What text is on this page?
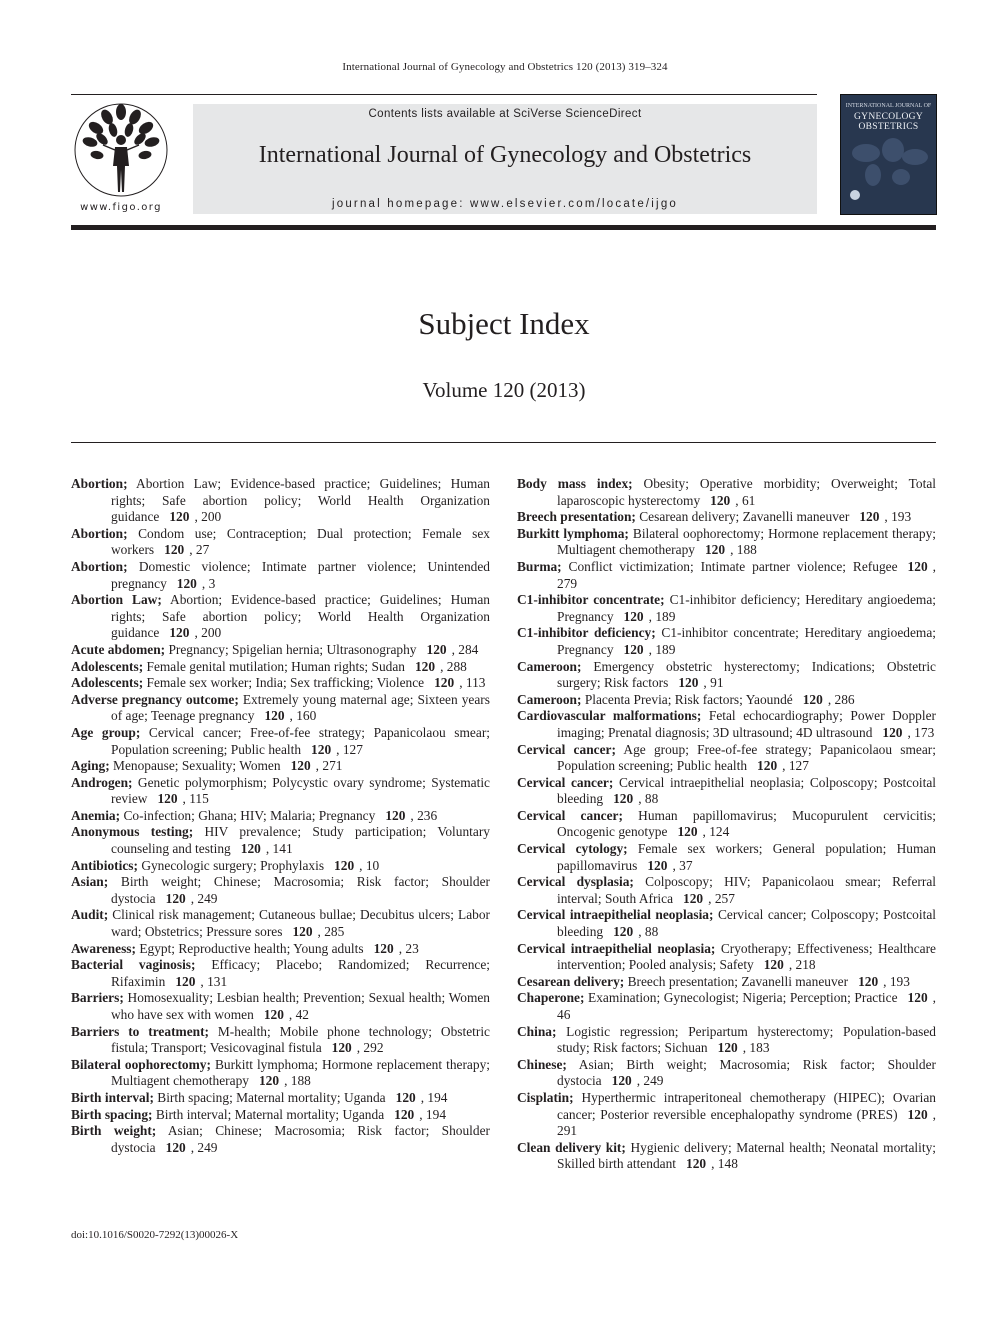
International Journal of Gynecology and Obstetrics 120 (2013) 319–324
www.figo.org
Contents lists available at SciVerse ScienceDirect
International Journal of Gynecology and Obstetrics
journal homepage: www.elsevier.com/locate/ijgo
INTERNATIONAL JOURNAL OF
GYNECOLOGY
OBSTETRICS
Subject Index
Volume 120 (2013)
Abortion; Abortion Law; Evidence-based practice; Guidelines; Human rights; Safe abortion policy; World Health Organization guidance 120 , 200
Abortion; Condom use; Contraception; Dual protection; Female sex workers 120 , 27
Abortion; Domestic violence; Intimate partner violence; Unintended pregnancy 120 , 3
Abortion Law; Abortion; Evidence-based practice; Guidelines; Human rights; Safe abortion policy; World Health Organization guidance 120 , 200
Acute abdomen; Pregnancy; Spigelian hernia; Ultrasonography 120 , 284
Adolescents; Female genital mutilation; Human rights; Sudan 120 , 288
Adolescents; Female sex worker; India; Sex trafficking; Violence 120 , 113
Adverse pregnancy outcome; Extremely young maternal age; Sixteen years of age; Teenage pregnancy 120 , 160
Age group; Cervical cancer; Free-of-fee strategy; Papanicolaou smear; Population screening; Public health 120 , 127
Aging; Menopause; Sexuality; Women 120 , 271
Androgen; Genetic polymorphism; Polycystic ovary syndrome; Systematic review 120 , 115
Anemia; Co-infection; Ghana; HIV; Malaria; Pregnancy 120 , 236
Anonymous testing; HIV prevalence; Study participation; Voluntary counseling and testing 120 , 141
Antibiotics; Gynecologic surgery; Prophylaxis 120 , 10
Asian; Birth weight; Chinese; Macrosomia; Risk factor; Shoulder dystocia 120 , 249
Audit; Clinical risk management; Cutaneous bullae; Decubitus ulcers; Labor ward; Obstetrics; Pressure sores 120 , 285
Awareness; Egypt; Reproductive health; Young adults 120 , 23
Bacterial vaginosis; Efficacy; Placebo; Randomized; Recurrence; Rifaximin 120 , 131
Barriers; Homosexuality; Lesbian health; Prevention; Sexual health; Women who have sex with women 120 , 42
Barriers to treatment; M-health; Mobile phone technology; Obstetric fistula; Transport; Vesicovaginal fistula 120 , 292
Bilateral oophorectomy; Burkitt lymphoma; Hormone replacement therapy; Multiagent chemotherapy 120 , 188
Birth interval; Birth spacing; Maternal mortality; Uganda 120 , 194
Birth spacing; Birth interval; Maternal mortality; Uganda 120 , 194
Birth weight; Asian; Chinese; Macrosomia; Risk factor; Shoulder dystocia 120 , 249
Body mass index; Obesity; Operative morbidity; Overweight; Total laparoscopic hysterectomy 120 , 61
Breech presentation; Cesarean delivery; Zavanelli maneuver 120 , 193
Burkitt lymphoma; Bilateral oophorectomy; Hormone replacement therapy; Multiagent chemotherapy 120 , 188
Burma; Conflict victimization; Intimate partner violence; Refugee 120 , 279
C1-inhibitor concentrate; C1-inhibitor deficiency; Hereditary angioedema; Pregnancy 120 , 189
C1-inhibitor deficiency; C1-inhibitor concentrate; Hereditary angioedema; Pregnancy 120 , 189
Cameroon; Emergency obstetric hysterectomy; Indications; Obstetric surgery; Risk factors 120 , 91
Cameroon; Placenta Previa; Risk factors; Yaoundé 120 , 286
Cardiovascular malformations; Fetal echocardiography; Power Doppler imaging; Prenatal diagnosis; 3D ultrasound; 4D ultrasound 120 , 173
Cervical cancer; Age group; Free-of-fee strategy; Papanicolaou smear; Population screening; Public health 120 , 127
Cervical cancer; Cervical intraepithelial neoplasia; Colposcopy; Postcoital bleeding 120 , 88
Cervical cancer; Human papillomavirus; Mucopurulent cervicitis; Oncogenic genotype 120 , 124
Cervical cytology; Female sex workers; General population; Human papillomavirus 120 , 37
Cervical dysplasia; Colposcopy; HIV; Papanicolaou smear; Referral interval; South Africa 120 , 257
Cervical intraepithelial neoplasia; Cervical cancer; Colposcopy; Postcoital bleeding 120 , 88
Cervical intraepithelial neoplasia; Cryotherapy; Effectiveness; Healthcare intervention; Pooled analysis; Safety 120 , 218
Cesarean delivery; Breech presentation; Zavanelli maneuver 120 , 193
Chaperone; Examination; Gynecologist; Nigeria; Perception; Practice 120 , 46
China; Logistic regression; Peripartum hysterectomy; Population-based study; Risk factors; Sichuan 120 , 183
Chinese; Asian; Birth weight; Macrosomia; Risk factor; Shoulder dystocia 120 , 249
Cisplatin; Hyperthermic intraperitoneal chemotherapy (HIPEC); Ovarian cancer; Posterior reversible encephalopathy syndrome (PRES) 120 , 291
Clean delivery kit; Hygienic delivery; Maternal health; Neonatal mortality; Skilled birth attendant 120 , 148
doi:10.1016/S0020-7292(13)00026-X
